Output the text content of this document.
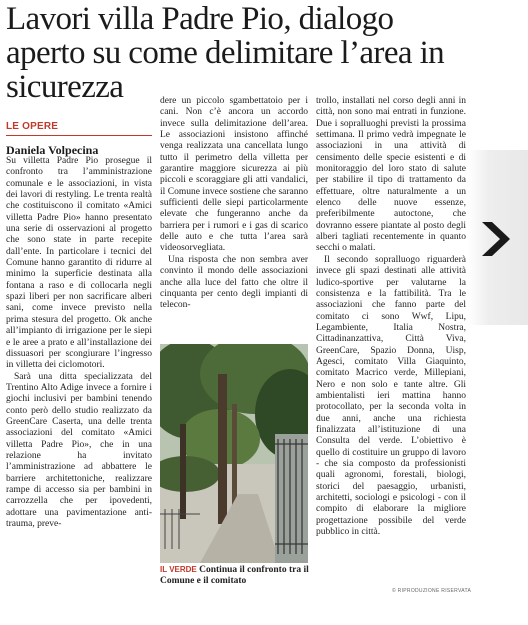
Lavori villa Padre Pio, dialogo aperto su come delimitare l’area in sicurezza
LE OPERE
Daniela Volpecina

Su villetta Padre Pio prosegue il confronto tra l’amministrazione comunale e le associazioni, in vista dei lavori di restyling. Le trenta realtà che costituiscono il comitato «Amici villetta Padre Pio» hanno presentato una serie di osservazioni al progetto che sono state in parte recepite dall’ente. In particolare i tecnici del Comune hanno garantito di ridurre al minimo la superficie destinata alla fontana a raso e di collocarla negli spazi liberi per non sacrificare alberi sani, come invece previsto nella prima stesura del progetto. Ok anche all’impianto di irrigazione per le siepi e le aree a prato e all’installazione dei dissuasori per scongiurare l’ingresso in villetta dei ciclomotori.

Sarà una ditta specializzata del Trentino Alto Adige invece a fornire i giochi inclusivi per bambini tenendo conto però dello studio realizzato da GreenCare Caserta, una delle trenta associazioni del comitato «Amici villetta Padre Pio», che in una relazione ha invitato l’amministrazione ad abbattere le barriere architettoniche, realizzare rampe di accesso sia per bambini in carrozzella che per ipovedenti, adottare una pavimentazione anti-trauma, preve-

dere un piccolo sgambettatoio per i cani. Non c’è ancora un accordo invece sulla delimitazione dell’area. Le associazioni insistono affinché venga realizzata una cancellata lungo tutto il perimetro della villetta per garantire maggiore sicurezza ai più piccoli e scoraggiare gli atti vandalici, il Comune invece sostiene che saranno sufficienti delle siepi particolarmente elevate che fungeranno anche da barriera per i rumori e i gas di scarico delle auto e che tutta l’area sarà videosorvegliata.

Una risposta che non sembra aver convinto il mondo delle associazioni anche alla luce del fatto che oltre il cinquanta per cento degli impianti di telecon-

trollo, installati nel corso degli anni in città, non sono mai entrati in funzione. Due i sopralluoghi previsti la prossima settimana. Il primo vedrà impegnate le associazioni in una attività di censimento delle specie esistenti e di monitoraggio del loro stato di salute per stabilire il tipo di trattamento da effettuare, oltre naturalmente a un elenco delle nuove essenze, preferibilmente autoctone, che dovranno essere piantate al posto degli alberi tagliati recentemente in quanto secchi o malati.

Il secondo sopralluogo riguarderà invece gli spazi destinati alle attività ludico-sportive per valutarne la consistenza e la fattibilità. Tra le associazioni che fanno parte del comitato ci sono Wwf, Lipu, Legambiente, Italia Nostra, Cittadinanzattiva, Città Viva, GreenCare, Spazio Donna, Uisp, Agesci, comitato Villa Giaquinto, comitato Macrico verde, Millepiani, Nero e non solo e tante altre. Gli ambientalisti ieri mattina hanno protocollato, per la seconda volta in due anni, anche una richiesta finalizzata all’istituzione di una Consulta del verde. L’obiettivo è quello di costituire un gruppo di lavoro - che sia composto da professionisti quali agronomi, forestali, biologi, storici del paesaggio, urbanisti, architetti, sociologi e psicologi - con il compito di elaborare la migliore progettazione possibile del verde pubblico in città.

IL VERDE Continua il confronto tra il Comune e il comitato
© RIPRODUZIONE RISERVATA
